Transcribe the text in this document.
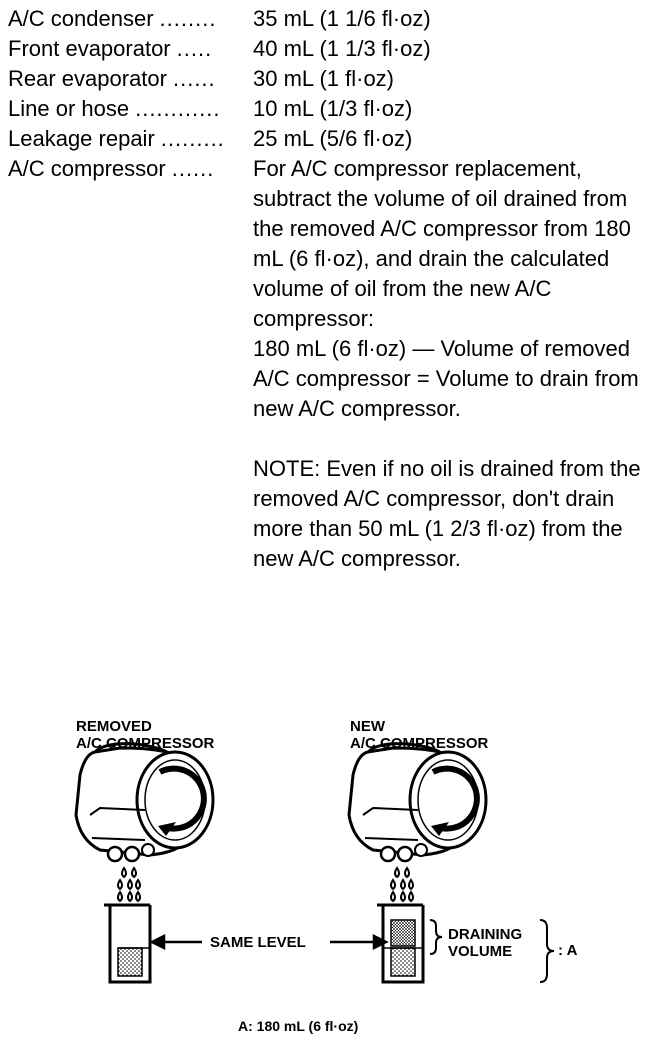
A/C condenser ........	35 mL (1 1/6 fl·oz)
Front evaporator .....	40 mL (1 1/3 fl·oz)
Rear evaporator ......	30 mL (1 fl·oz)
Line or hose ............	10 mL (1/3 fl·oz)
Leakage repair .........	25 mL (5/6 fl·oz)
A/C compressor ......	For A/C compressor replacement, subtract the volume of oil drained from the removed A/C compressor from 180 mL (6 fl·oz), and drain the calculated volume of oil from the new A/C compressor:

180 mL (6 fl·oz) — Volume of removed A/C compressor = Volume to drain from new A/C compressor.

NOTE: Even if no oil is drained from the removed A/C compressor, don't drain more than 50 mL (1 2/3 fl·oz) from the new A/C compressor.

REMOVED
A/C COMPRESSOR
NEW
A/C COMPRESSOR
SAME LEVEL	DRAINING
VOLUME	: A
A: 180 mL (6 fl·oz)
